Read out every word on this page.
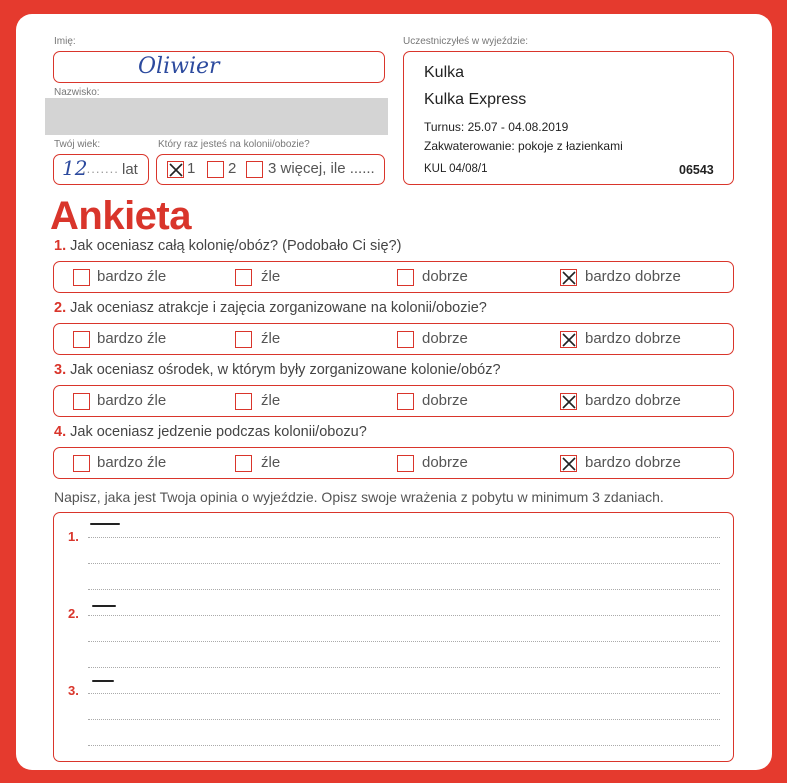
Imię:
Oliwier
Nazwisko:
Twój wiek:
12
........ lat
Który raz jesteś na kolonii/obozie?
1 2 3 więcej, ile ......
Uczestniczyłeś w wyjeździe:
Kulka
Kulka Express
Turnus: 25.07 - 04.08.2019
Zakwaterowanie: pokoje z łazienkami
KUL 04/08/1	06543
Ankieta
1. Jak oceniasz całą kolonię/obóz? (Podobało Ci się?)
bardzo źle	źle	dobrze	bardzo dobrze
2. Jak oceniasz atrakcje i zajęcia zorganizowane na kolonii/obozie?
bardzo źle	źle	dobrze	bardzo dobrze
3. Jak oceniasz ośrodek, w którym były zorganizowane kolonie/obóz?
bardzo źle	źle	dobrze	bardzo dobrze
4. Jak oceniasz jedzenie podczas kolonii/obozu?
bardzo źle	źle	dobrze	bardzo dobrze
Napisz, jaka jest Twoja opinia o wyjeździe. Opisz swoje wrażenia z pobytu w minimum 3 zdaniach.
1.
2.
3.
